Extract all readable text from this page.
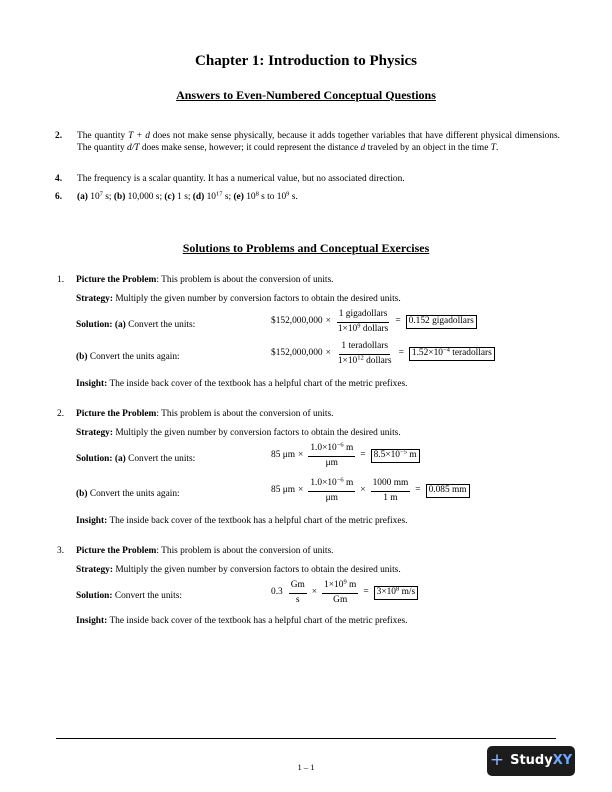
Chapter 1: Introduction to Physics
Answers to Even-Numbered Conceptual Questions
2. The quantity T + d does not make sense physically, because it adds together variables that have different physical dimensions. The quantity d/T does make sense, however; it could represent the distance d traveled by an object in the time T.
4. The frequency is a scalar quantity. It has a numerical value, but no associated direction.
6. (a) $10^7$ s; (b) 10,000 s; (c) 1 s; (d) $10^{17}$ s; (e) $10^8$ s to $10^9$ s.
Solutions to Problems and Conceptual Exercises
1. Picture the Problem: This problem is about the conversion of units.
Strategy: Multiply the given number by conversion factors to obtain the desired units.
Solution: (a) Convert the units:	$152,000,000 × $\frac{\text{1 gigadollars}}{1\times 10^9 dollars} = 0.152$ gigadollars
(b) Convert the units again:	$152,000,000 × $\frac{\text{1 teradollars}}{1\times 10^{12} dollars} = 1.52\times 10^{-4}$ teradollars
Insight: The inside back cover of the textbook has a helpful chart of the metric prefixes.
2. Picture the Problem: This problem is about the conversion of units.
Strategy: Multiply the given number by conversion factors to obtain the desired units.
Solution: (a) Convert the units:	85 $\mu m \times \frac{1.0\times 10^{-6} m}{\mu m} = 8.5\times 10^{-5}$ m
(b) Convert the units again:	85 $\mu m \times \frac{1.0\times 10^{-6} m}{\mu m} \times \frac{1000 mm}{1 m} = 0.085$ mm
Insight: The inside back cover of the textbook has a helpful chart of the metric prefixes.
3. Picture the Problem: This problem is about the conversion of units.
Strategy: Multiply the given number by conversion factors to obtain the desired units.
Solution: Convert the units:	$0.3 \frac{Gm}{s} \times \frac{1\times 10^9 m}{Gm} = 3\times 10^8$ m/s
Insight: The inside back cover of the textbook has a helpful chart of the metric prefixes.
1 – 1	+ Study XY
